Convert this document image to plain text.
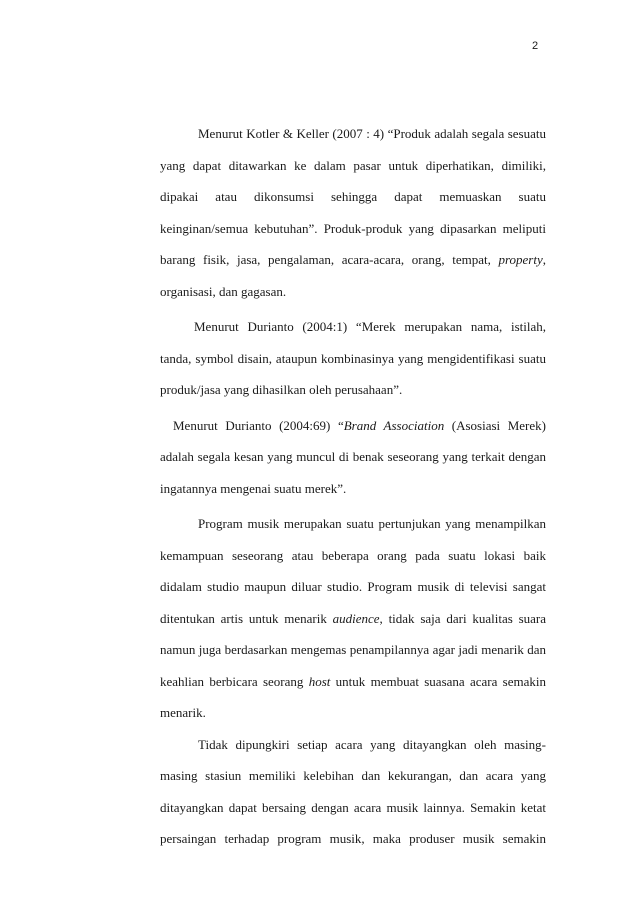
2

Menurut Kotler & Keller (2007 : 4) “Produk adalah segala sesuatu yang dapat ditawarkan ke dalam pasar untuk diperhatikan, dimiliki, dipakai atau dikonsumsi sehingga dapat memuaskan suatu keinginan/semua kebutuhan”. Produk-produk yang dipasarkan meliputi barang fisik, jasa, pengalaman, acara-acara, orang, tempat, property, organisasi, dan gagasan.

Menurut Durianto (2004:1) “Merek merupakan nama, istilah, tanda, symbol disain, ataupun kombinasinya yang mengidentifikasi suatu produk/jasa yang dihasilkan oleh perusahaan”.

Menurut Durianto (2004:69) “Brand Association (Asosiasi Merek) adalah segala kesan yang muncul di benak seseorang yang terkait dengan ingatannya mengenai suatu merek”.

Program musik merupakan suatu pertunjukan yang menampilkan kemampuan seseorang atau beberapa orang pada suatu lokasi baik didalam studio maupun diluar studio. Program musik di televisi sangat ditentukan artis untuk menarik audience, tidak saja dari kualitas suara namun juga berdasarkan mengemas penampilannya agar jadi menarik dan keahlian berbicara seorang host untuk membuat suasana acara semakin menarik.

Tidak dipungkiri setiap acara yang ditayangkan oleh masing-masing stasiun memiliki kelebihan dan kekurangan, dan acara yang ditayangkan dapat bersaing dengan acara musik lainnya. Semakin ketat persaingan terhadap program musik, maka produser musik semakin
